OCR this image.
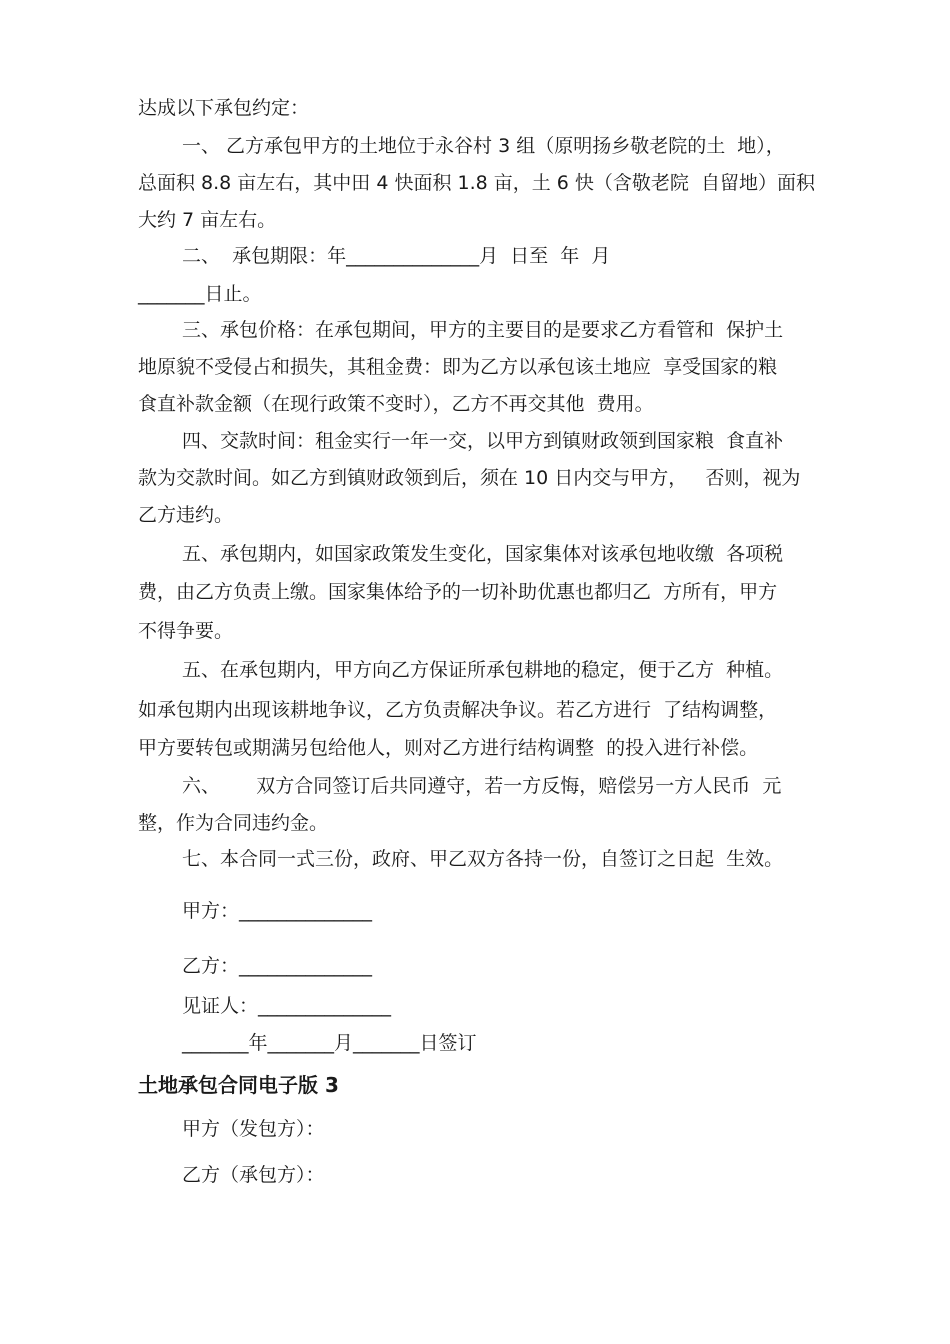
达成以下承包约定：
一、 乙方承包甲方的土地位于永谷村 3 组（原明扬乡敬老院的土  地），
总面积 8.8 亩左右，其中田 4 快面积 1.8 亩，土 6 快（含敬老院  自留地）面积
大约 7 亩左右。
二、  承包期限：年______________月  日至  年  月
_______日止。
三、承包价格：在承包期间，甲方的主要目的是要求乙方看管和  保护土
地原貌不受侵占和损失，其租金费：即为乙方以承包该土地应  享受国家的粮
食直补款金额（在现行政策不变时），乙方不再交其他  费用。
四、交款时间：租金实行一年一交，以甲方到镇财政领到国家粮  食直补
款为交款时间。如乙方到镇财政领到后，须在 10 日内交与甲方，   否则，视为
乙方违约。
五、承包期内，如国家政策发生变化，国家集体对该承包地收缴  各项税
费，由乙方负责上缴。国家集体给予的一切补助优惠也都归乙  方所有，甲方
不得争要。
五、在承包期内，甲方向乙方保证所承包耕地的稳定，便于乙方  种植。
如承包期内出现该耕地争议，乙方负责解决争议。若乙方进行  了结构调整，
甲方要转包或期满另包给他人，则对乙方进行结构调整  的投入进行补偿。
六、      双方合同签订后共同遵守，若一方反悔，赔偿另一方人民币  元
整，作为合同违约金。
七、本合同一式三份，政府、甲乙双方各持一份，自签订之日起  生效。
甲方：______________
乙方：______________
见证人：______________
_______年_______月_______日签订
土地承包合同电子版 3
甲方（发包方）：
乙方（承包方）：
